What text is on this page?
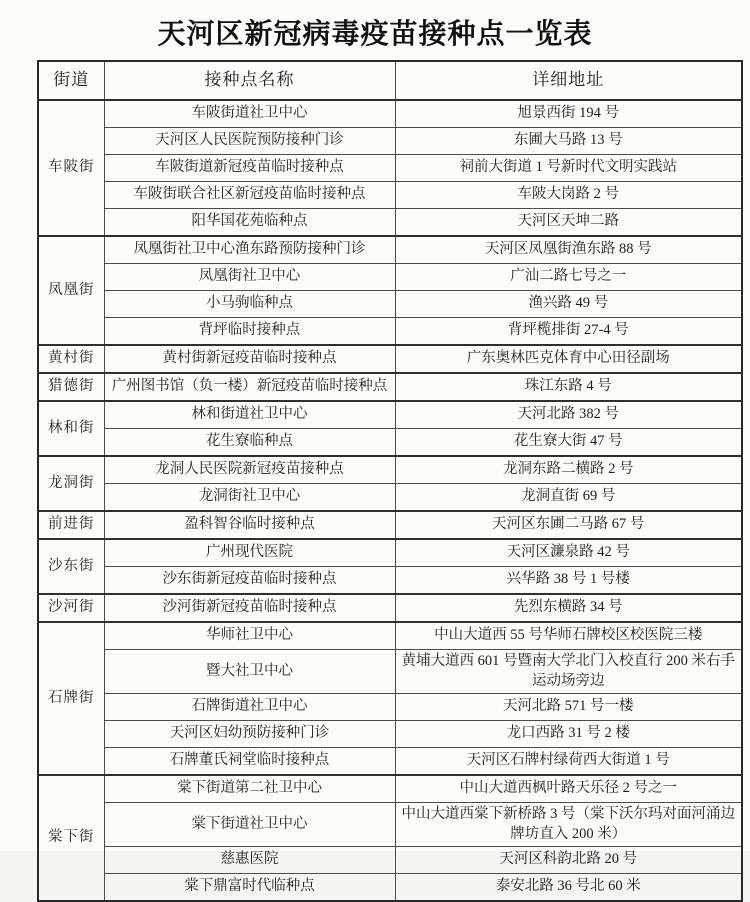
天河区新冠病毒疫苗接种点一览表
街道	接种点名称	详细地址
车陂街	车陂街道社卫中心	旭景西街 194 号
	天河区人民医院预防接种门诊	东圃大马路 13 号
	车陂街道新冠疫苗临时接种点	祠前大街道 1 号新时代文明实践站
	车陂街联合社区新冠疫苗临时接种点	车陂大岗路 2 号
	阳华国花苑临种点	天河区天坤二路
凤凰街	凤凰街社卫中心渔东路预防接种门诊	天河区凤凰街渔东路 88 号
	凤凰街社卫中心	广汕二路七号之一
	小马驹临种点	渔兴路 49 号
	背坪临时接种点	背坪榄排街 27-4 号
黄村街	黄村街新冠疫苗临时接种点	广东奥林匹克体育中心田径副场
猎德街	广州图书馆（负一楼）新冠疫苗临时接种点	珠江东路 4 号
林和街	林和街道社卫中心	天河北路 382 号
	花生寮临种点	花生寮大街 47 号
龙洞街	龙洞人民医院新冠疫苗接种点	龙洞东路二横路 2 号
	龙洞街社卫中心	龙洞直街 69 号
前进街	盈科智谷临时接种点	天河区东圃二马路 67 号
沙东街	广州现代医院	天河区濂泉路 42 号
	沙东街新冠疫苗临时接种点	兴华路 38 号 1 号楼
沙河街	沙河街新冠疫苗临时接种点	先烈东横路 34 号
石牌街	华师社卫中心	中山大道西 55 号华师石牌校区校医院三楼
	暨大社卫中心	黄埔大道西 601 号暨南大学北门入校直行 200 米右手运动场旁边
	石牌街道社卫中心	天河北路 571 号一楼
	天河区妇幼预防接种门诊	龙口西路 31 号 2 楼
	石牌董氏祠堂临时接种点	天河区石牌村绿荷西大街道 1 号
棠下街	棠下街道第二社卫中心	中山大道西枫叶路天乐径 2 号之一
	棠下街道社卫中心	中山大道西棠下新桥路 3 号（棠下沃尔玛对面河涌边牌坊直入 200 米）
	慈惠医院	天河区科韵北路 20 号
	棠下鼎富时代临种点	泰安北路 36 号北 60 米
